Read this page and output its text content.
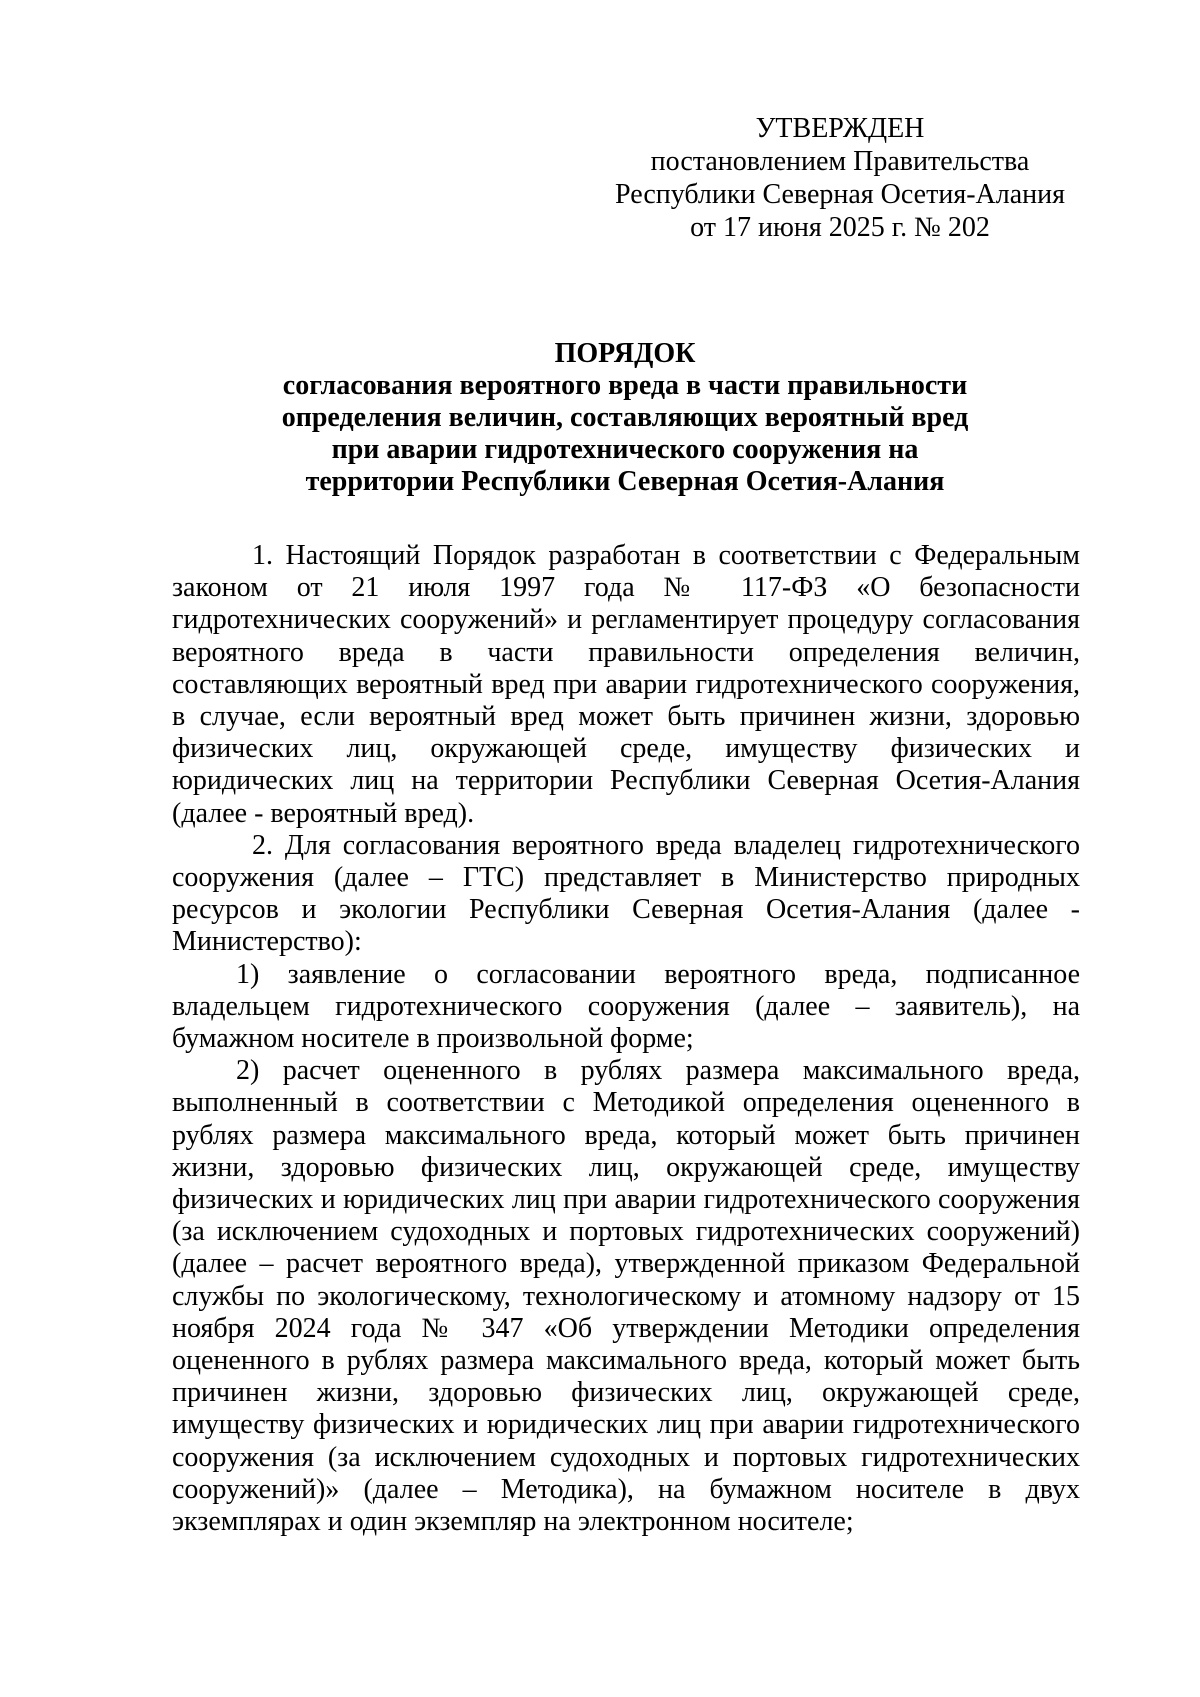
УТВЕРЖДЕН
постановлением Правительства
Республики Северная Осетия-Алания
от 17 июня 2025 г. № 202
ПОРЯДОК
согласования вероятного вреда в части правильности
определения величин, составляющих вероятный вред
при аварии гидротехнического сооружения на
территории Республики Северная Осетия-Алания

1. Настоящий Порядок разработан в соответствии с Федеральным законом от 21 июля 1997 года № 117-ФЗ «О безопасности гидротехнических сооружений» и регламентирует процедуру согласования вероятного вреда в части правильности определения величин, составляющих вероятный вред при аварии гидротехнического сооружения, в случае, если вероятный вред может быть причинен жизни, здоровью физических лиц, окружающей среде, имуществу физических и юридических лиц на территории Республики Северная Осетия-Алания (далее - вероятный вред).

2. Для согласования вероятного вреда владелец гидротехнического сооружения (далее – ГТС) представляет в Министерство природных ресурсов и экологии Республики Северная Осетия-Алания (далее - Министерство):

1) заявление о согласовании вероятного вреда, подписанное владельцем гидротехнического сооружения (далее – заявитель), на бумажном носителе в произвольной форме;

2) расчет оцененного в рублях размера максимального вреда, выполненный в соответствии с Методикой определения оцененного в рублях размера максимального вреда, который может быть причинен жизни, здоровью физических лиц, окружающей среде, имуществу физических и юридических лиц при аварии гидротехнического сооружения (за исключением судоходных и портовых гидротехнических сооружений) (далее – расчет вероятного вреда), утвержденной приказом Федеральной службы по экологическому, технологическому и атомному надзору от 15 ноября 2024 года № 347 «Об утверждении Методики определения оцененного в рублях размера максимального вреда, который может быть причинен жизни, здоровью физических лиц, окружающей среде, имуществу физических и юридических лиц при аварии гидротехнического сооружения (за исключением судоходных и портовых гидротехнических сооружений)» (далее – Методика), на бумажном носителе в двух экземплярах и один экземпляр на электронном носителе;
